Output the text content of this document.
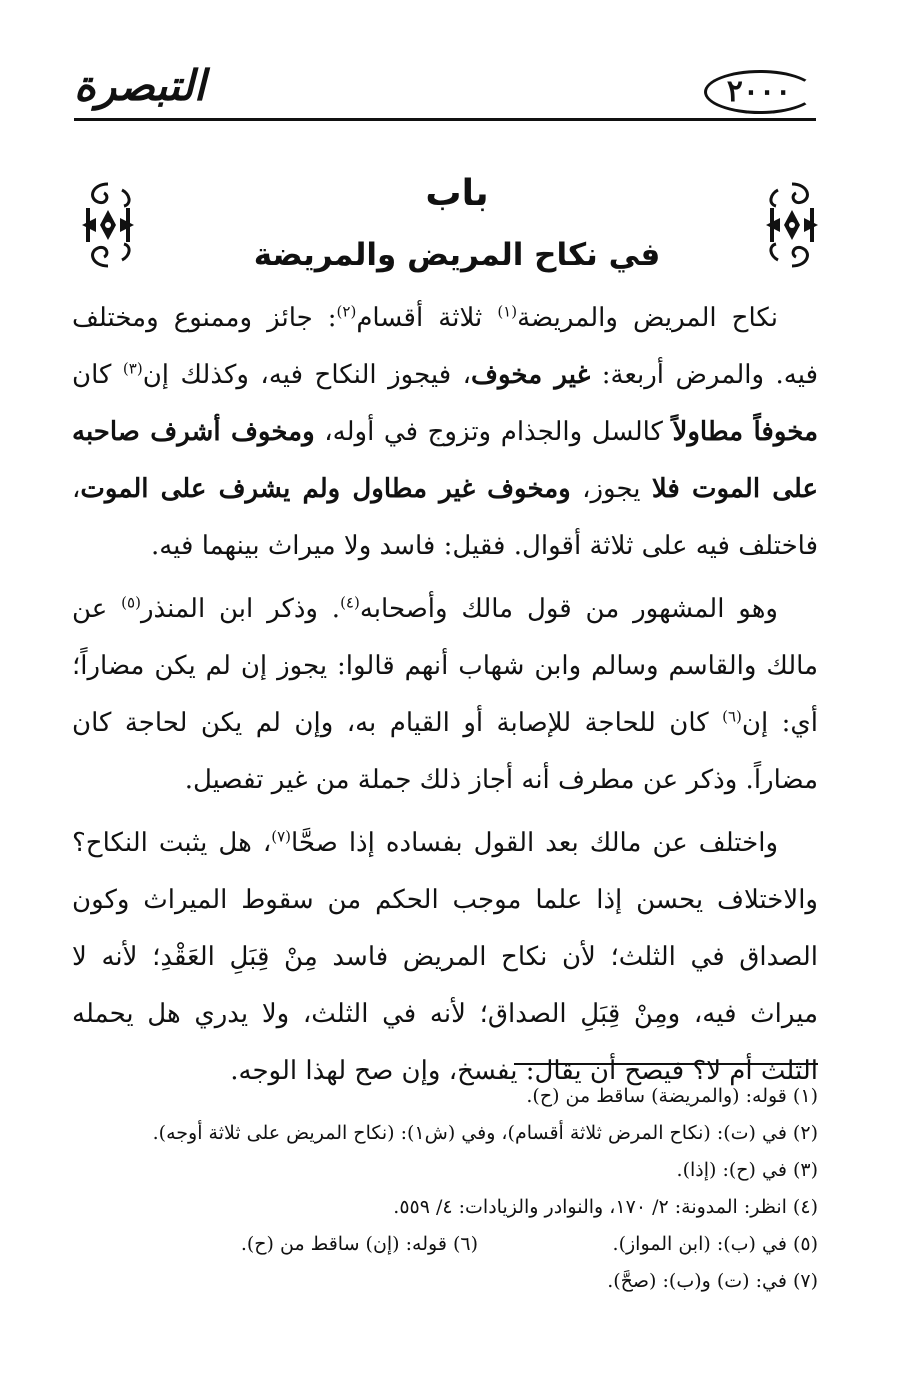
التبصرة	٢٠٠٠
باب
في نكاح المريض والمريضة

نكاح المريض والمريضة$^{(١)}$ ثلاثة أقسام$^{(٢)}$: جائز وممنوع ومختلف فيه. والمرض أربعة: غير مخوف، فيجوز النكاح فيه، وكذلك إن$^{(٣)}$ كان مخوفاً مطاولاً كالسل والجذام وتزوج في أوله، ومخوف أشرف صاحبه على الموت فلا يجوز، ومخوف غير مطاول ولم يشرف على الموت، فاختلف فيه على ثلاثة أقوال. فقيل: فاسد ولا ميراث بينهما فيه.

وهو المشهور من قول مالك وأصحابه$^{(٤)}$. وذكر ابن المنذر$^{(٥)}$ عن مالك والقاسم وسالم وابن شهاب أنهم قالوا: يجوز إن لم يكن مضاراً؛ أي: إن$^{(٦)}$ كان للحاجة للإصابة أو القيام به، وإن لم يكن لحاجة كان مضاراً. وذكر عن مطرف أنه أجاز ذلك جملة من غير تفصيل.

واختلف عن مالك بعد القول بفساده إذا صحَّا$^{(٧)}$، هل يثبت النكاح؟ والاختلاف يحسن إذا علما موجب الحكم من سقوط الميراث وكون الصداق في الثلث؛ لأن نكاح المريض فاسد مِنْ قِبَلِ العَقْدِ؛ لأنه لا ميراث فيه، ومِنْ قِبَلِ الصداق؛ لأنه في الثلث، ولا يدري هل يحمله الثلث أم لا؟ فيصح أن يقال: يفسخ، وإن صح لهذا الوجه.

(١) قوله: (والمريضة) ساقط من (ح).

(٢) في (ت): (نكاح المرض ثلاثة أقسام)، وفي (ش١): (نكاح المريض على ثلاثة أوجه).

(٣) في (ح): (إذا).

(٤) انظر: المدونة: ٢/ ١٧٠، والنوادر والزيادات: ٤/ ٥٥٩.

(٥) في (ب): (ابن المواز).
(٦) قوله: (إن) ساقط من (ح).

(٧) في: (ت) و(ب): (صحَّ).
